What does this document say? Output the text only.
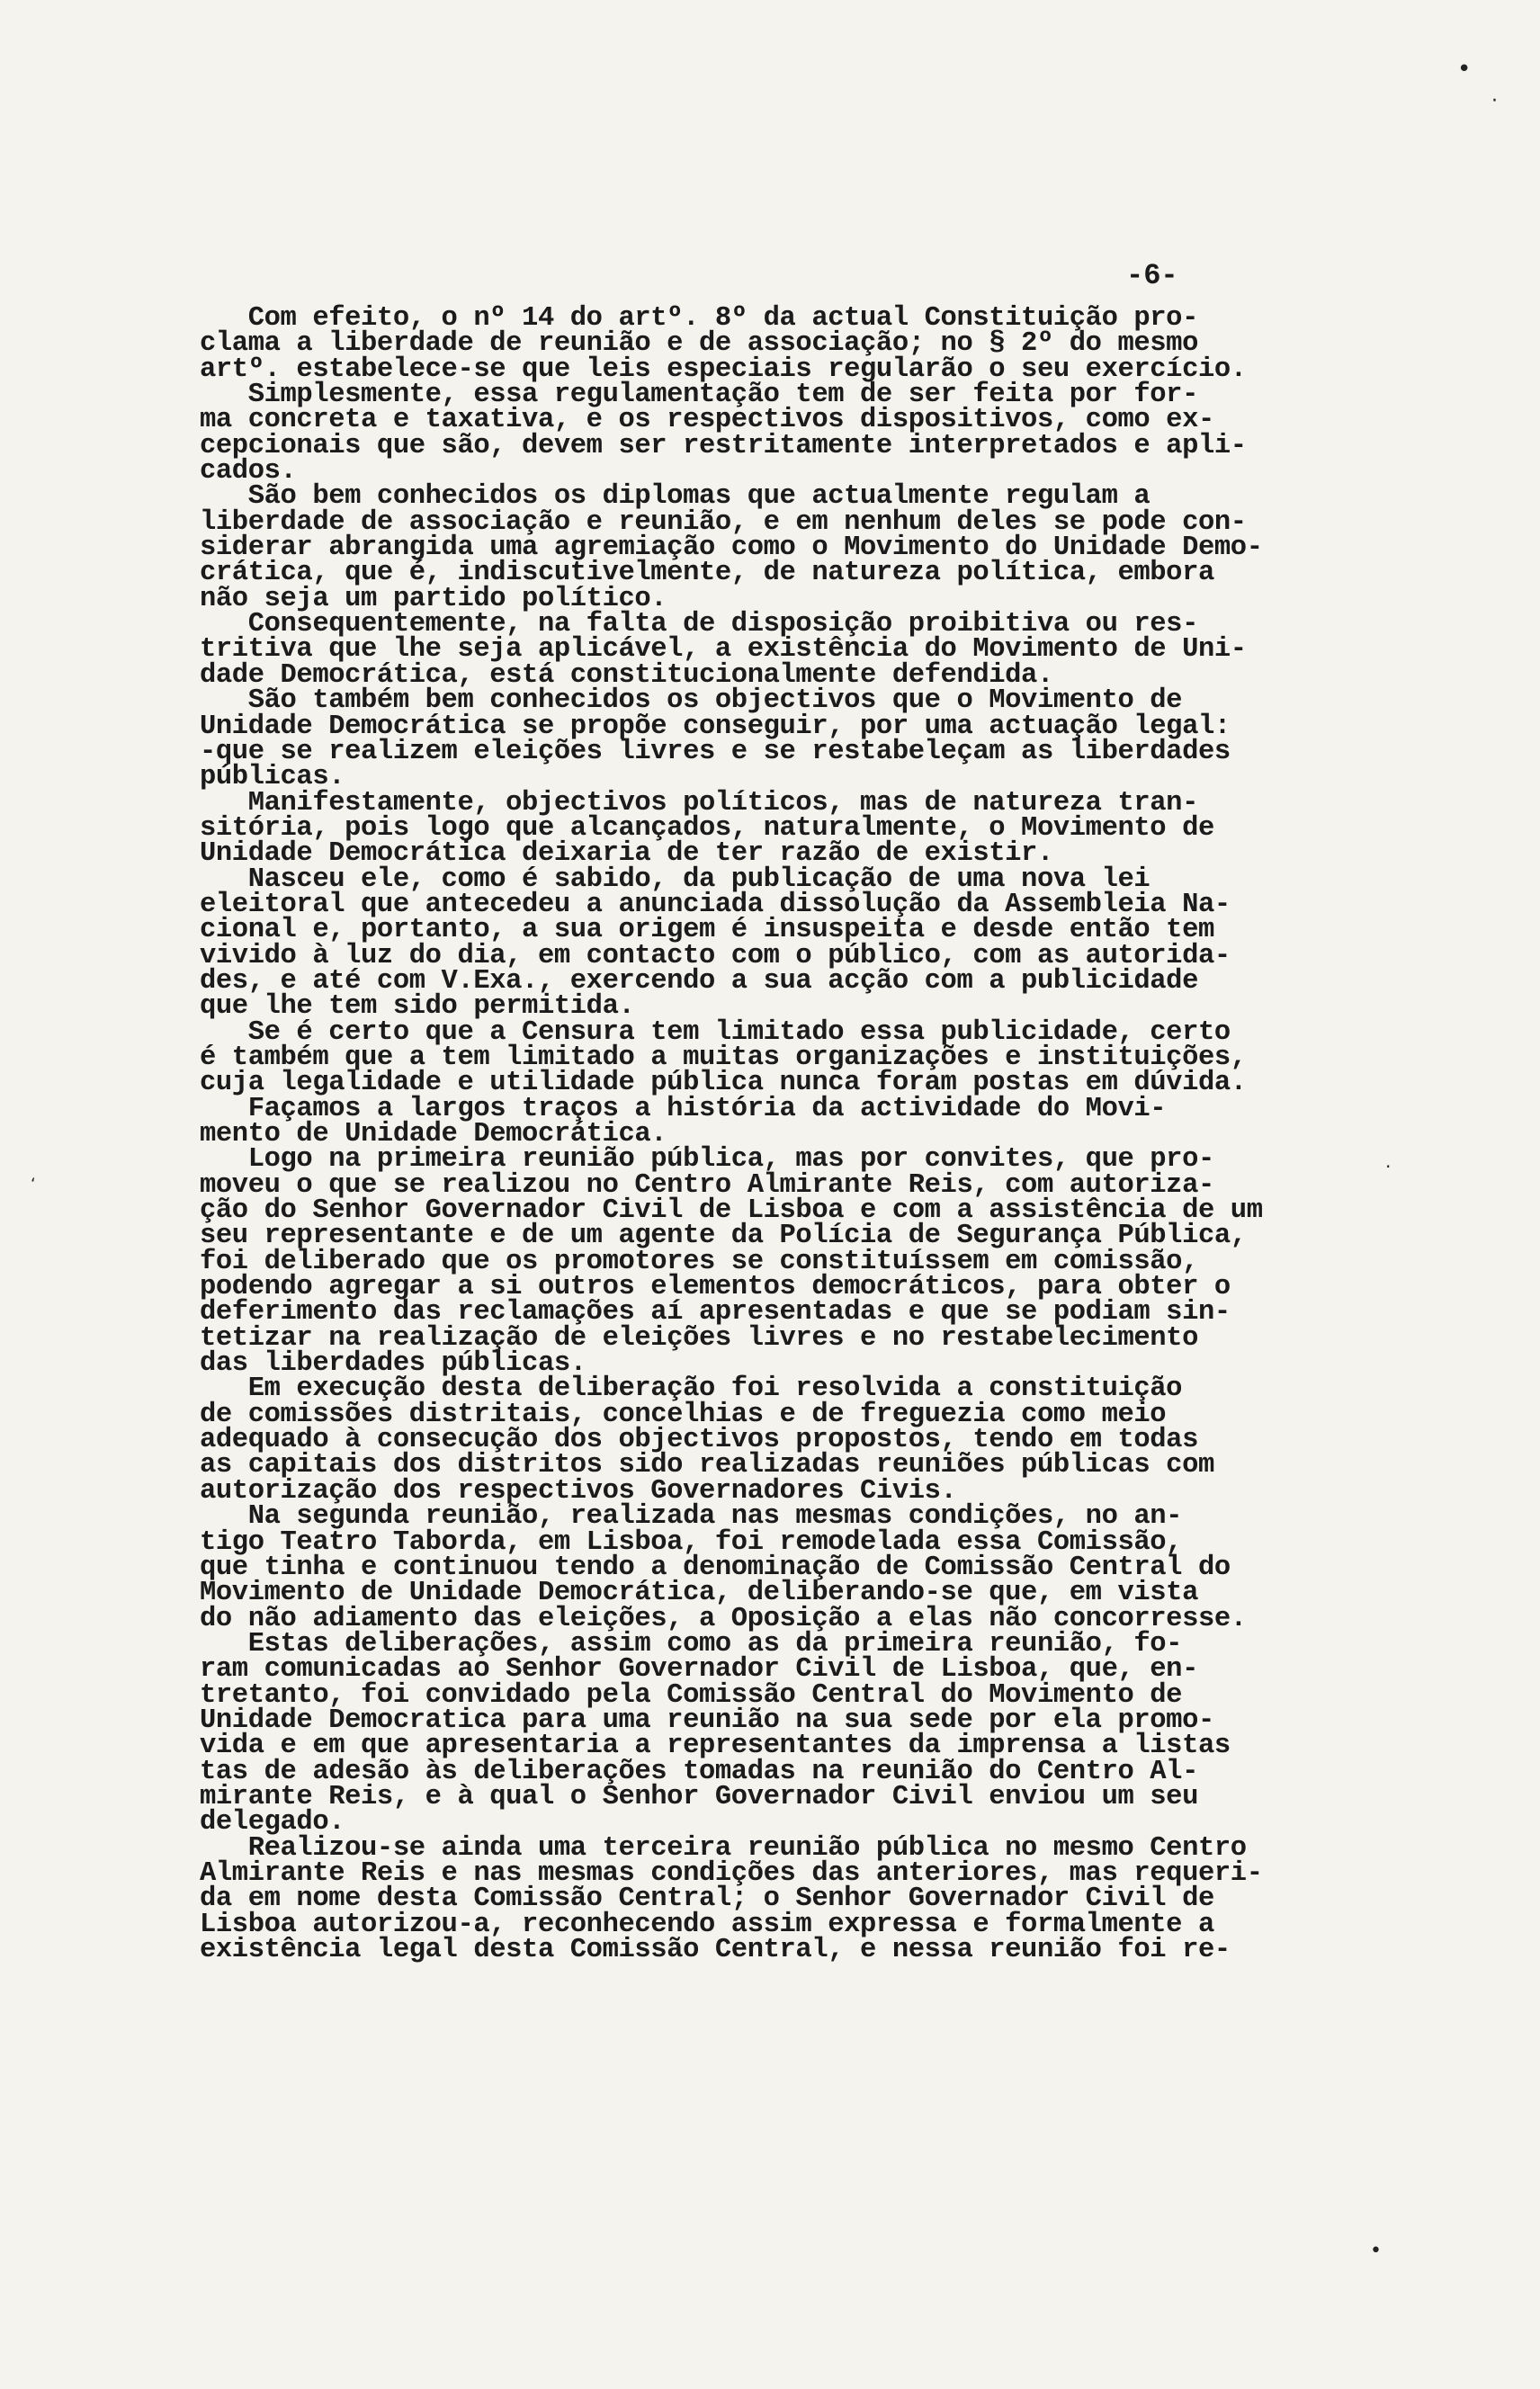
-6-
Com efeito, o nº 14 do artº. 8º da actual Constituição pro-
clama a liberdade de reunião e de associação; no § 2º do mesmo
artº. estabelece-se que leis especiais regularão o seu exercício.
Simplesmente, essa regulamentação tem de ser feita por for-
ma concreta e taxativa, e os respectivos dispositivos, como ex-
cepcionais que são, devem ser restritamente interpretados e apli-
cados.
São bem conhecidos os diplomas que actualmente regulam a
liberdade de associação e reunião, e em nenhum deles se pode con-
siderar abrangida uma agremiação como o Movimento do Unidade Demo-
crática, que é, indiscutivelmente, de natureza política, embora
não seja um partido político.
Consequentemente, na falta de disposição proibitiva ou res-
tritiva que lhe seja aplicável, a existência do Movimento de Uni-
dade Democrática, está constitucionalmente defendida.
São também bem conhecidos os objectivos que o Movimento de
Unidade Democrática se propõe conseguir, por uma actuação legal:
-que se realizem eleições livres e se restabeleçam as liberdades
públicas.
Manifestamente, objectivos políticos, mas de natureza tran-
sitória, pois logo que alcançados, naturalmente, o Movimento de
Unidade Democrática deixaria de ter razão de existir.
Nasceu ele, como é sabido, da publicação de uma nova lei
eleitoral que antecedeu a anunciada dissolução da Assembleia Na-
cional e, portanto, a sua origem é insuspeita e desde então tem
vivido à luz do dia, em contacto com o público, com as autorida-
des, e até com V.Exa., exercendo a sua acção com a publicidade
que lhe tem sido permitida.
Se é certo que a Censura tem limitado essa publicidade, certo
é também que a tem limitado a muitas organizações e instituições,
cuja legalidade e utilidade pública nunca foram postas em dúvida.
Façamos a largos traços a história da actividade do Movi-
mento de Unidade Democrática.
Logo na primeira reunião pública, mas por convites, que pro-
moveu o que se realizou no Centro Almirante Reis, com autoriza-
ção do Senhor Governador Civil de Lisboa e com a assistência de um
seu representante e de um agente da Polícia de Segurança Pública,
foi deliberado que os promotores se constituíssem em comissão,
podendo agregar a si outros elementos democráticos, para obter o
deferimento das reclamações aí apresentadas e que se podiam sin-
tetizar na realização de eleições livres e no restabelecimento
das liberdades públicas.
Em execução desta deliberação foi resolvida a constituição
de comissões distritais, concelhias e de freguezia como meio
adequado à consecução dos objectivos propostos, tendo em todas
as capitais dos distritos sido realizadas reuniões públicas com
autorização dos respectivos Governadores Civis.
Na segunda reunião, realizada nas mesmas condições, no an-
tigo Teatro Taborda, em Lisboa, foi remodelada essa Comissão,
que tinha e continuou tendo a denominação de Comissão Central do
Movimento de Unidade Democrática, deliberando-se que, em vista
do não adiamento das eleições, a Oposição a elas não concorresse.
Estas deliberações, assim como as da primeira reunião, fo-
ram comunicadas ao Senhor Governador Civil de Lisboa, que, en-
tretanto, foi convidado pela Comissão Central do Movimento de
Unidade Democratica para uma reunião na sua sede por ela promo-
vida e em que apresentaria a representantes da imprensa a listas
tas de adesão às deliberações tomadas na reunião do Centro Al-
mirante Reis, e à qual o Senhor Governador Civil enviou um seu
delegado.
Realizou-se ainda uma terceira reunião pública no mesmo Centro
Almirante Reis e nas mesmas condições das anteriores, mas requeri-
da em nome desta Comissão Central; o Senhor Governador Civil de
Lisboa autorizou-a, reconhecendo assim expressa e formalmente a
existência legal desta Comissão Central, e nessa reunião foi re-
•
·
·
•
ʻ
